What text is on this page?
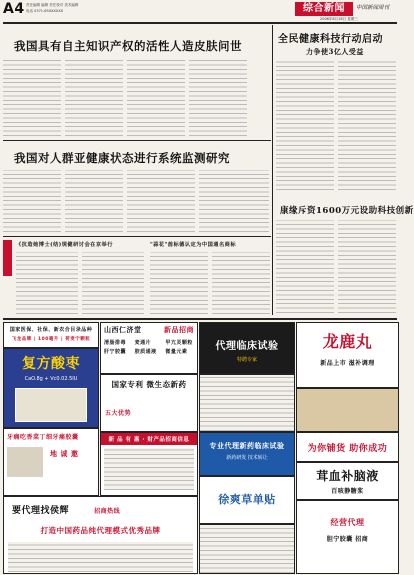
A4 责任编辑 编辑 责任校对 美术编辑
电话 0371-65XXXXXX	综合新闻	中国新闻周刊
2006年8月16日 星期三
我国具有自主知识产权的活性人造皮肤问世	全民健康科技行动启动
力争使3亿人受益
康缘斥资1600万元设助科技创新
我国对人群亚健康状态进行系统监测研究
《抗造她博士(结)规健研讨会在京举行	"蒜花"酋标德认定为中国通名商标
国家医保、社保、新农合目录品种
飞龙品牌 | 100毫升 | 荷麦宁颗粒
复方酸枣
CaO.8g + Vc0.02.5IU
牙痛吃香菜丁细牙痛胶囊
地 诚 邀
山西仁济堂	新品招商
清肠排毒	麦通片	甲亢灵颗粒
肝宁胶囊	胶质通液	微量元素
国家专利 微生态新药
五大优势
新 品 有 惠 · 财产品招商信息
代理临床试验
特聘专家
专业代理新药临床试验
新药研发 技术转让
徐爽草单贴
龙鹿丸
新品上市 滋补调理
为你铺货 助你成功
茸血补脑液
百咳静糖浆
经营代理
胆宁胶囊 招商
要代理找侯辉	招商热线
打造中国药品纯代理模式优秀品牌
